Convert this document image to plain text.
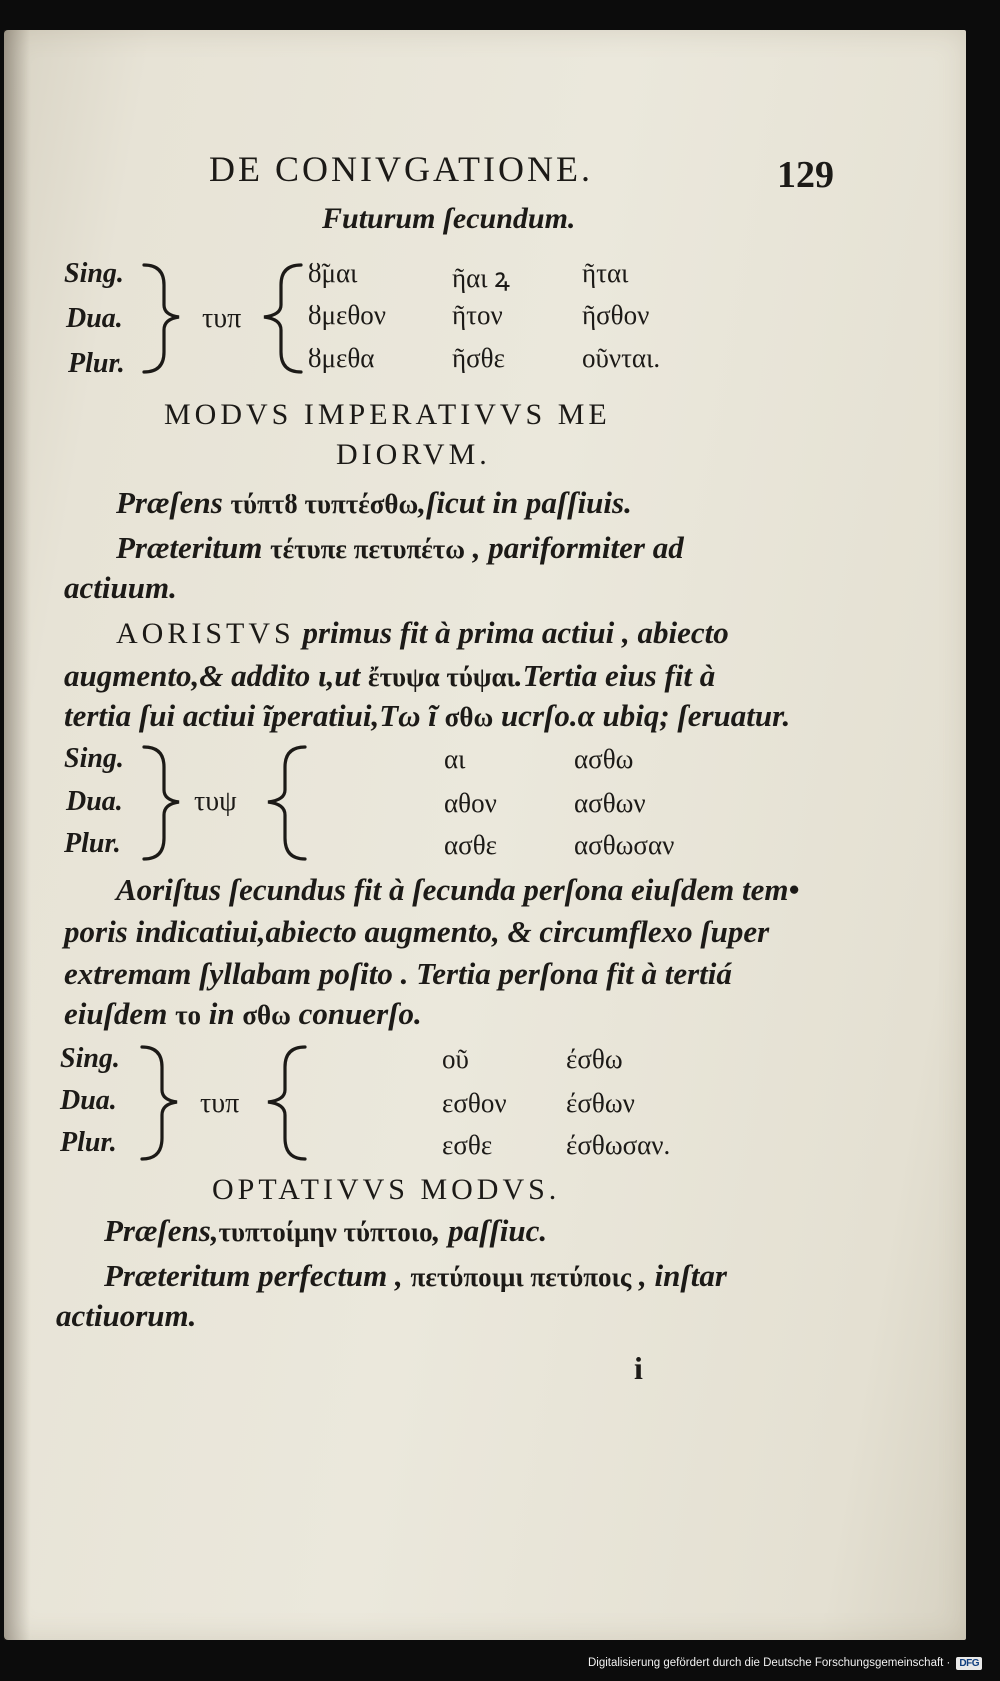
DE CONIVGATIONE.	129
Futurum ſecundum.
Sing.
Dua.
Plur.
τυπ
ȣ̃μαι
ȣμεθον
ȣμεθα
ῆαι ꝝ
ῆτον
ῆσθε
ῆται
ῆσθον
οῦνται.
MODVS IMPERATIVVS ME
DIORVM.
Præſens τύπτȣ τυπτέσθω,ſicut in paſſiuis.
Præteritum τέτυπε πετυπέτω , pariformiter ad
actiuum.
AORISTVS primus fit à prima actiui , abiecto
augmento,& addito ι,ut ἔτυψα τύψαι.Tertia eius fit à
tertia ſui actiui ĩperatiui,Tω ĩ σθω ucrſo.α ubiq; ſeruatur.
Sing.
Dua.
Plur.
τυψ
αι
αθον
ασθε
ασθω
ασθων
ασθωσαν
Aoriſtus ſecundus fit à ſecunda perſona eiuſdem tem•
poris indicatiui,abiecto augmento, & circumflexo ſuper
extremam ſyllabam poſito . Tertia perſona fit à tertiá
eiuſdem το in σθω conuerſo.
Sing.
Dua.
Plur.
τυπ
οῦ
εσθον
εσθε
έσθω
έσθων
έσθωσαν.
OPTATIVVS MODVS.
Præſens,τυπτοίμην τύπτοιο, paſſiuc.
Præteritum perfectum , πετύποιμι πετύποις , inſtar
actiuorum.
i
Digitalisierung gefördert durch die Deutsche Forschungsgemeinschaft · DFG
